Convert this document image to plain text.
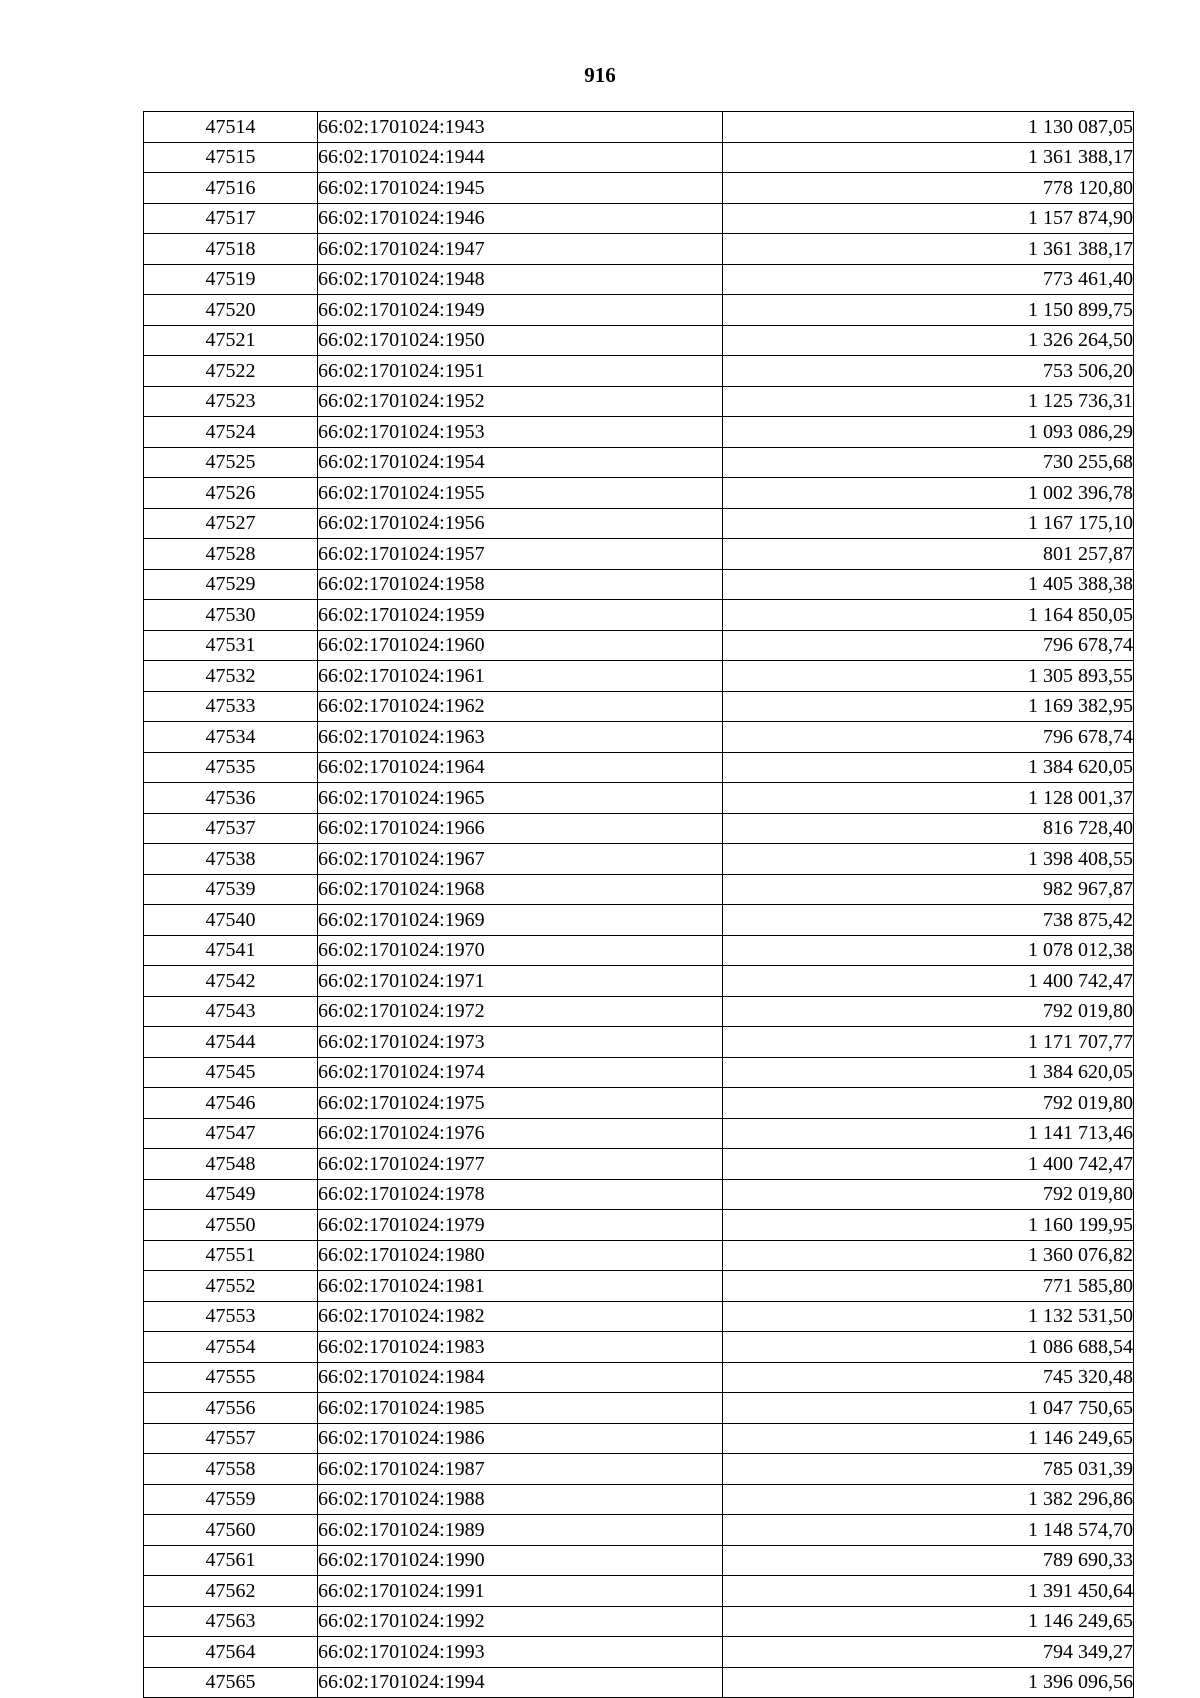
916
47514	66:02:1701024:1943	1 130 087,05
47515	66:02:1701024:1944	1 361 388,17
47516	66:02:1701024:1945	778 120,80
47517	66:02:1701024:1946	1 157 874,90
47518	66:02:1701024:1947	1 361 388,17
47519	66:02:1701024:1948	773 461,40
47520	66:02:1701024:1949	1 150 899,75
47521	66:02:1701024:1950	1 326 264,50
47522	66:02:1701024:1951	753 506,20
47523	66:02:1701024:1952	1 125 736,31
47524	66:02:1701024:1953	1 093 086,29
47525	66:02:1701024:1954	730 255,68
47526	66:02:1701024:1955	1 002 396,78
47527	66:02:1701024:1956	1 167 175,10
47528	66:02:1701024:1957	801 257,87
47529	66:02:1701024:1958	1 405 388,38
47530	66:02:1701024:1959	1 164 850,05
47531	66:02:1701024:1960	796 678,74
47532	66:02:1701024:1961	1 305 893,55
47533	66:02:1701024:1962	1 169 382,95
47534	66:02:1701024:1963	796 678,74
47535	66:02:1701024:1964	1 384 620,05
47536	66:02:1701024:1965	1 128 001,37
47537	66:02:1701024:1966	816 728,40
47538	66:02:1701024:1967	1 398 408,55
47539	66:02:1701024:1968	982 967,87
47540	66:02:1701024:1969	738 875,42
47541	66:02:1701024:1970	1 078 012,38
47542	66:02:1701024:1971	1 400 742,47
47543	66:02:1701024:1972	792 019,80
47544	66:02:1701024:1973	1 171 707,77
47545	66:02:1701024:1974	1 384 620,05
47546	66:02:1701024:1975	792 019,80
47547	66:02:1701024:1976	1 141 713,46
47548	66:02:1701024:1977	1 400 742,47
47549	66:02:1701024:1978	792 019,80
47550	66:02:1701024:1979	1 160 199,95
47551	66:02:1701024:1980	1 360 076,82
47552	66:02:1701024:1981	771 585,80
47553	66:02:1701024:1982	1 132 531,50
47554	66:02:1701024:1983	1 086 688,54
47555	66:02:1701024:1984	745 320,48
47556	66:02:1701024:1985	1 047 750,65
47557	66:02:1701024:1986	1 146 249,65
47558	66:02:1701024:1987	785 031,39
47559	66:02:1701024:1988	1 382 296,86
47560	66:02:1701024:1989	1 148 574,70
47561	66:02:1701024:1990	789 690,33
47562	66:02:1701024:1991	1 391 450,64
47563	66:02:1701024:1992	1 146 249,65
47564	66:02:1701024:1993	794 349,27
47565	66:02:1701024:1994	1 396 096,56
